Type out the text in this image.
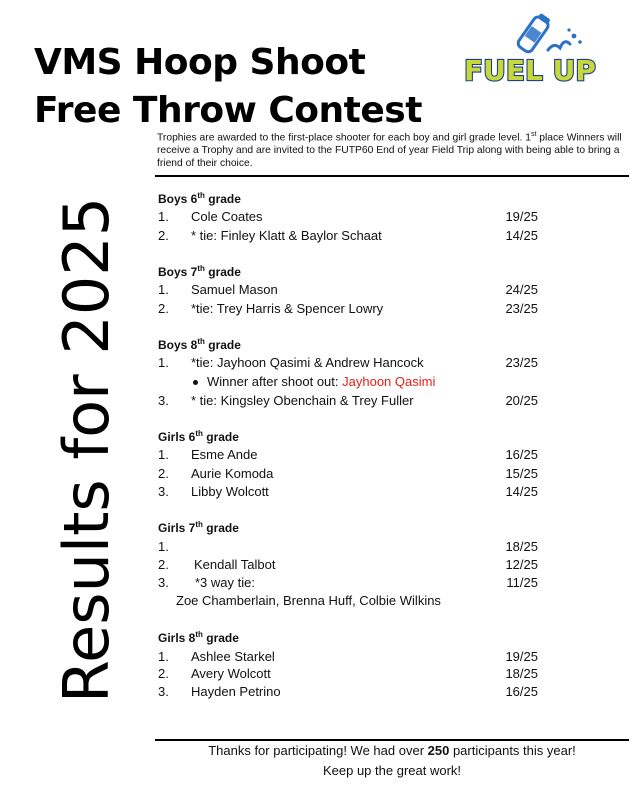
VMS Hoop Shoot
Free Throw Contest
FUEL UP
Results for 2025
Trophies are awarded to the first-place shooter for each boy and girl grade level. 1st place Winners will receive a Trophy and are invited to the FUTP60 End of year Field Trip along with being able to bring a friend of their choice.
Boys 6th grade
1. Cole Coates	19/25
2. * tie: Finley Klatt & Baylor Schaat	14/25
Boys 7th grade
1. Samuel Mason	24/25
2. *tie: Trey Harris & Spencer Lowry	23/25
Boys 8th grade
1. *tie: Jayhoon Qasimi & Andrew Hancock	23/25
Winner after shoot out: Jayhoon Qasimi
3. * tie: Kingsley Obenchain & Trey Fuller	20/25
Girls 6th grade
1. Esme Ande	16/25
2. Aurie Komoda	15/25
3. Libby Wolcott	14/25
Girls 7th grade
1.	18/25
2. Kendall Talbot	12/25
3. *3 way tie:	11/25
Zoe Chamberlain, Brenna Huff, Colbie Wilkins
Girls 8th grade
1. Ashlee Starkel	19/25
2. Avery Wolcott	18/25
3. Hayden Petrino	16/25
Thanks for participating! We had over 250 participants this year!
Keep up the great work!
